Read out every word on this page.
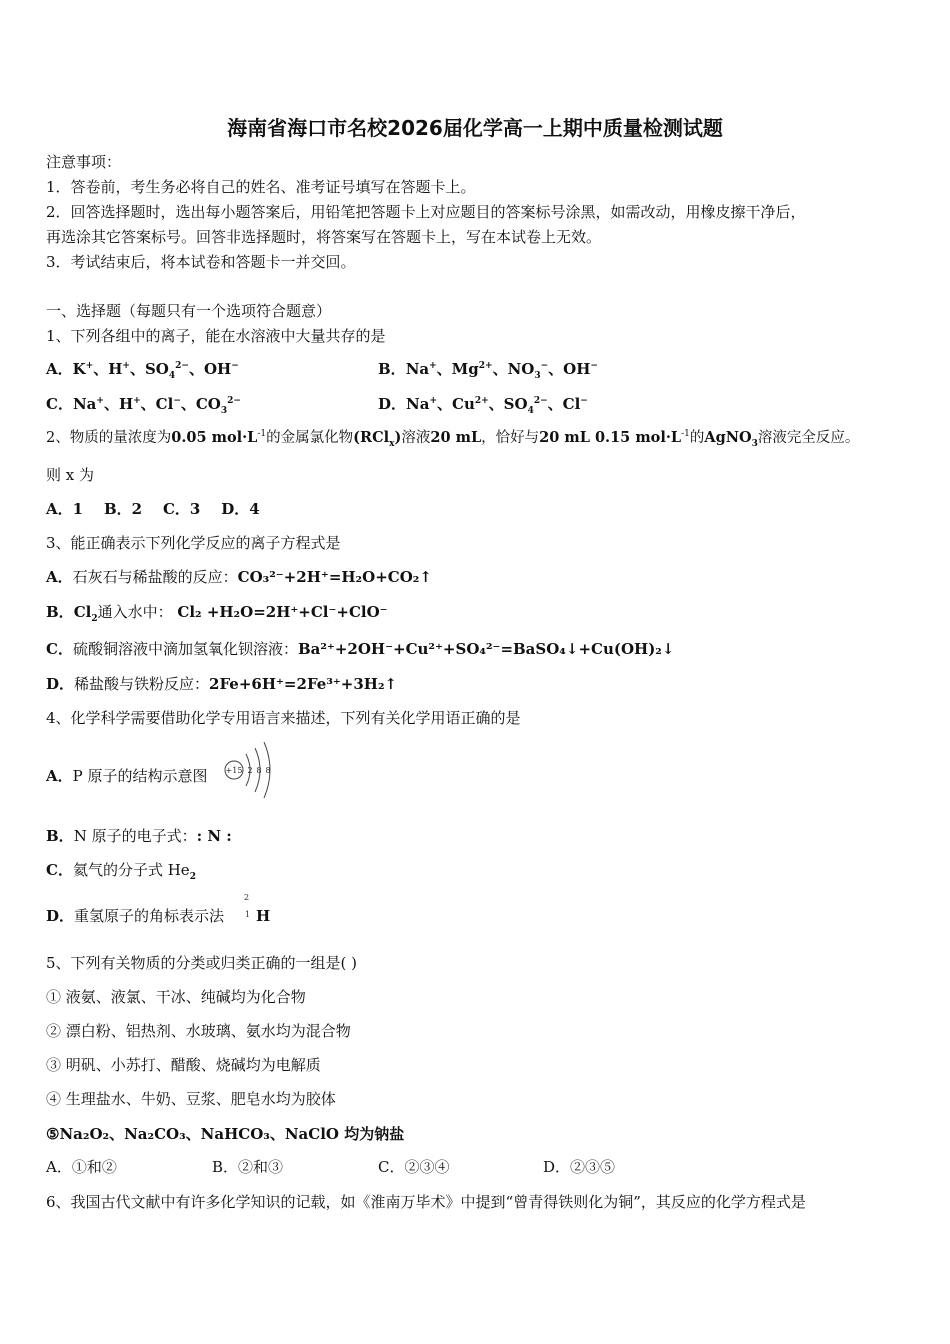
海南省海口市名校2026届化学高一上期中质量检测试题
注意事项：
1．答卷前，考生务必将自己的姓名、准考证号填写在答题卡上。
2．回答选择题时，选出每小题答案后，用铅笔把答题卡上对应题目的答案标号涂黑，如需改动，用橡皮擦干净后，
再选涂其它答案标号。回答非选择题时，将答案写在答题卡上，写在本试卷上无效。
3．考试结束后，将本试卷和答题卡一并交回。
一、选择题（每题只有一个选项符合题意）
1、下列各组中的离子，能在水溶液中大量共存的是
A．K+、H+、$SO_4^{2-}$、OH−	B．Na+、$Mg^{2+}$、$NO_3^-$、OH−
C．Na+、H+、Cl−、$CO_3^{2-}$	D．Na+、$Cu^{2+}$、$SO_4^{2-}$、Cl−
2、物质的量浓度为0.05 $mol\cdot L^{-1}$的金属氯化物(RCl$_x$)溶液20 mL，恰好与20 mL 0.15 $mol\cdot L^{-1}$的AgNO$_3$溶液完全反应。
则 x 为
A．1    B．2    C．3    D．4
3、能正确表示下列化学反应的离子方程式是
A．石灰石与稀盐酸的反应：CO₃²⁻+2H⁺=H₂O+CO₂↑
B．$Cl_2$通入水中： Cl₂ +H₂O=2H⁺+Cl⁻+ClO⁻
C．硫酸铜溶液中滴加氢氧化钡溶液：Ba²⁺+2OH⁻+Cu²⁺+SO₄²⁻=BaSO₄↓+Cu(OH)₂↓
D．稀盐酸与铁粉反应：2Fe+6H⁺=2Fe³⁺+3H₂↑
4、化学科学需要借助化学专用语言来描述，下列有关化学用语正确的是
A．P 原子的结构示意图 +15 2 8 8
B．N 原子的电子式：: N :
C．氦气的分子式 $He_2$
D．重氢原子的角标表示法
2
1 H
5、下列有关物质的分类或归类正确的一组是( )
① 液氨、液氯、干冰、纯碱均为化合物
② 漂白粉、铝热剂、水玻璃、氨水均为混合物
③ 明矾、小苏打、醋酸、烧碱均为电解质
④ 生理盐水、牛奶、豆浆、肥皂水均为胶体
⑤Na₂O₂、Na₂CO₃、NaHCO₃、NaClO 均为钠盐
A．①和②	B．②和③	C．②③④	D．②③⑤
6、我国古代文献中有许多化学知识的记载，如《淮南万毕术》中提到“曾青得铁则化为铜”，其反应的化学方程式是
